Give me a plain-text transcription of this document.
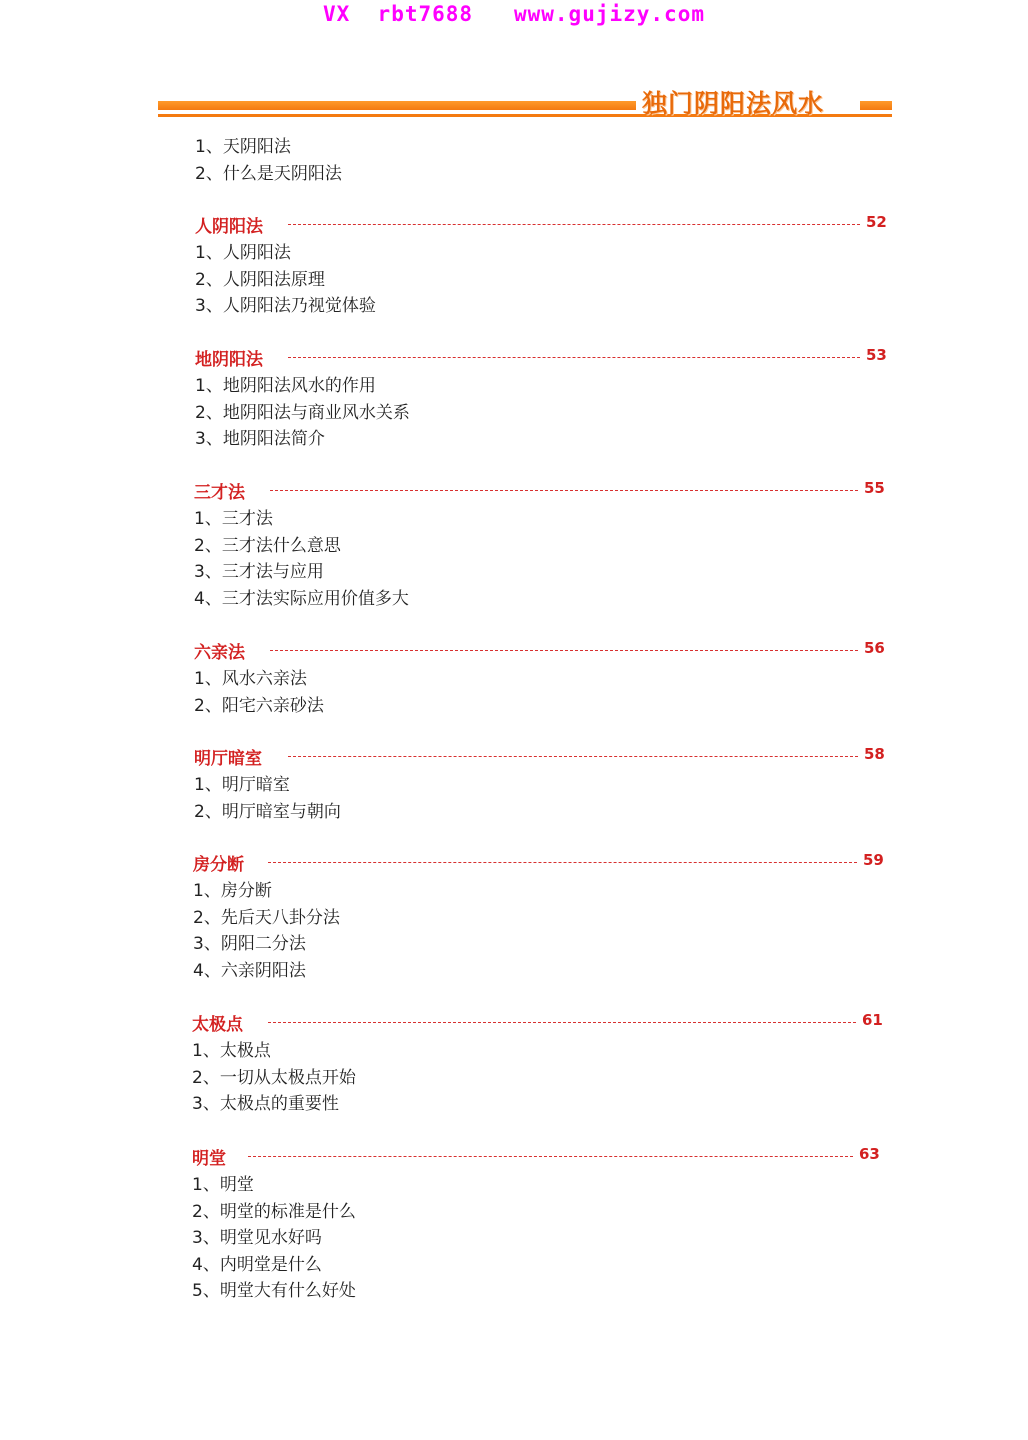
VX  rbt7688   www.gujizy.com
独门阴阳法风水
1、天阴阳法
2、什么是天阴阳法
人阴阳法	52
1、人阴阳法
2、人阴阳法原理
3、人阴阳法乃视觉体验
地阴阳法	53
1、地阴阳法风水的作用
2、地阴阳法与商业风水关系
3、地阴阳法简介
三才法	55
1、三才法
2、三才法什么意思
3、三才法与应用
4、三才法实际应用价值多大
六亲法	56
1、风水六亲法
2、阳宅六亲砂法
明厅暗室	58
1、明厅暗室
2、明厅暗室与朝向
房分断	59
1、房分断
2、先后天八卦分法
3、阴阳二分法
4、六亲阴阳法
太极点	61
1、太极点
2、一切从太极点开始
3、太极点的重要性
明堂	63
1、明堂
2、明堂的标准是什么
3、明堂见水好吗
4、内明堂是什么
5、明堂大有什么好处
